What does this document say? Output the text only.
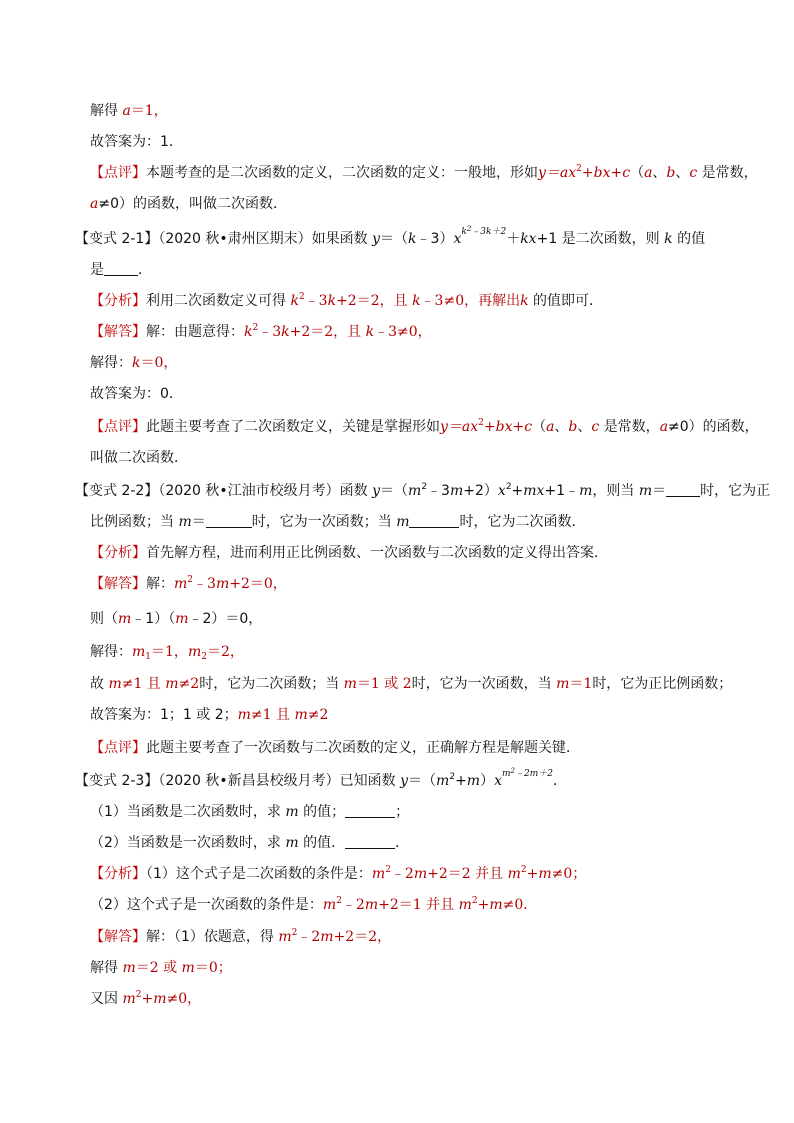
解得 a＝1，
故答案为：1．
【点评】本题考查的是二次函数的定义，二次函数的定义：一般地，形如$y=ax^2+bx+c(a$、b、c 是常数，
a≠0）的函数，叫做二次函数．
【变式 2-1】（2020 秋•肃州区期末）如果函数 $y=(k﹣3)x^{k^2﹣3k+2}+kx+1$ 是二次函数，则 k 的值
是 ．
【分析】利用二次函数定义可得 $k^2﹣3k+2=2$，且 k﹣3≠0，再解出k 的值即可．
【解答】解：由题意得：$k^2﹣3k+2=2$，且 k﹣3≠0，
解得：k＝0，
故答案为：0．
【点评】此题主要考查了二次函数定义，关键是掌握形如$y=ax^2+bx+c(a$、b、c 是常数，a≠0）的函数，
叫做二次函数．
【变式 2-2】（2020 秋•江油市校级月考）函数 $y=(m^2﹣3m+2)x^2+mx+1﹣m$，则当 m＝ 时，它为正
比例函数；当 m＝	时，它为一次函数；当 m	时，它为二次函数．
【分析】首先解方程，进而利用正比例函数、一次函数与二次函数的定义得出答案．
【解答】解：$m^2﹣3m+2=0$，
则（m﹣1）（m﹣2）＝0，
解得：$m_1=1$，$m_2=2$，
故 m≠1 且 m≠2时，它为二次函数；当 m＝1 或 2时，它为一次函数，当 m＝1时，它为正比例函数；
故答案为：1；1 或 2；m≠1 且 m≠2
【点评】此题主要考查了一次函数与二次函数的定义，正确解方程是解题关键．
【变式 2-3】（2020 秋•新昌县校级月考）已知函数 $y=(m^2+m)x^{m^2﹣2m+2}$．
（1）当函数是二次函数时，求 m 的值；	；
（2）当函数是一次函数时，求 m 的值．	．
【分析】（1）这个式子是二次函数的条件是：$m^2﹣2m+2=2$ 并且 $m^2+m\ne 0$；
（2）这个式子是一次函数的条件是：$m^2﹣2m+2=1$ 并且 $m^2+m\ne 0$．
【解答】解：（1）依题意，得 $m^2﹣2m+2=2$，
解得 m＝2 或 m＝0；
又因 $m^2+m\ne 0$，
